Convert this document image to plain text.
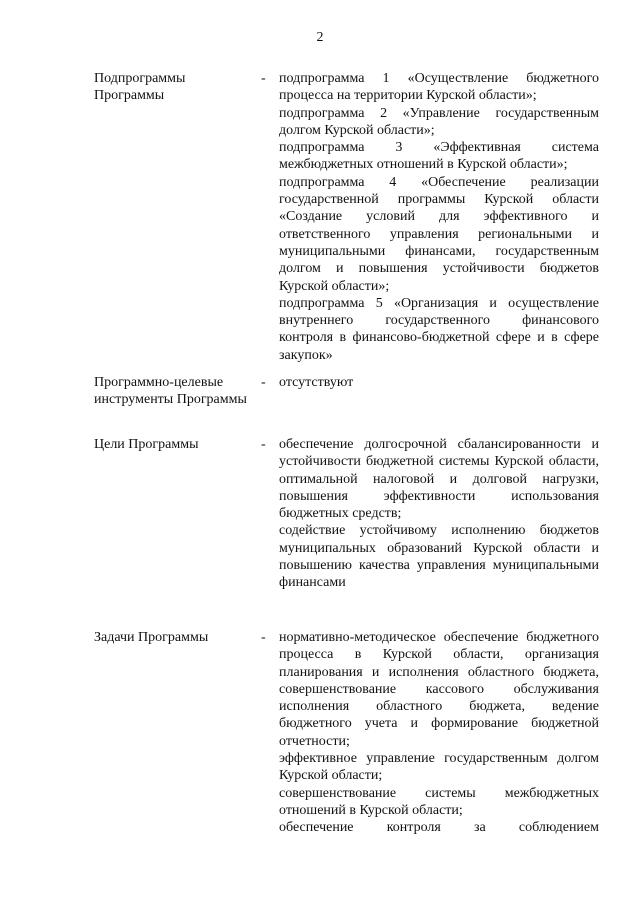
2
Подпрограммы Программы
- подпрограмма 1 «Осуществление бюджетного процесса на территории Курской области»;

подпрограмма 2 «Управление государственным долгом Курской области»;

подпрограмма 3 «Эффективная система межбюджетных отношений в Курской области»;

подпрограмма 4 «Обеспечение реализации государственной программы Курской области «Создание условий для эффективного и ответственного управления региональными и муниципальными финансами, государственным долгом и повышения устойчивости бюджетов Курской области»;

подпрограмма 5 «Организация и осуществление внутреннего государственного финансового контроля в финансово-бюджетной сфере и в сфере закупок»

Программно-целевые инструменты Программы
- отсутствуют

Цели Программы	- обеспечение долгосрочной сбалансированности и устойчивости бюджетной системы Курской области, оптимальной налоговой и долговой нагрузки, повышения эффективности использования бюджетных средств;

содействие устойчивому исполнению бюджетов муниципальных образований Курской области и повышению качества управления муниципальными финансами

Задачи Программы	- нормативно-методическое обеспечение бюджетного процесса в Курской области, организация планирования и исполнения областного бюджета, совершенствование кассового обслуживания исполнения областного бюджета, ведение бюджетного учета и формирование бюджетной отчетности;

эффективное управление государственным долгом Курской области;

совершенствование системы межбюджетных отношений в Курской области;

обеспечение контроля за соблюдением
